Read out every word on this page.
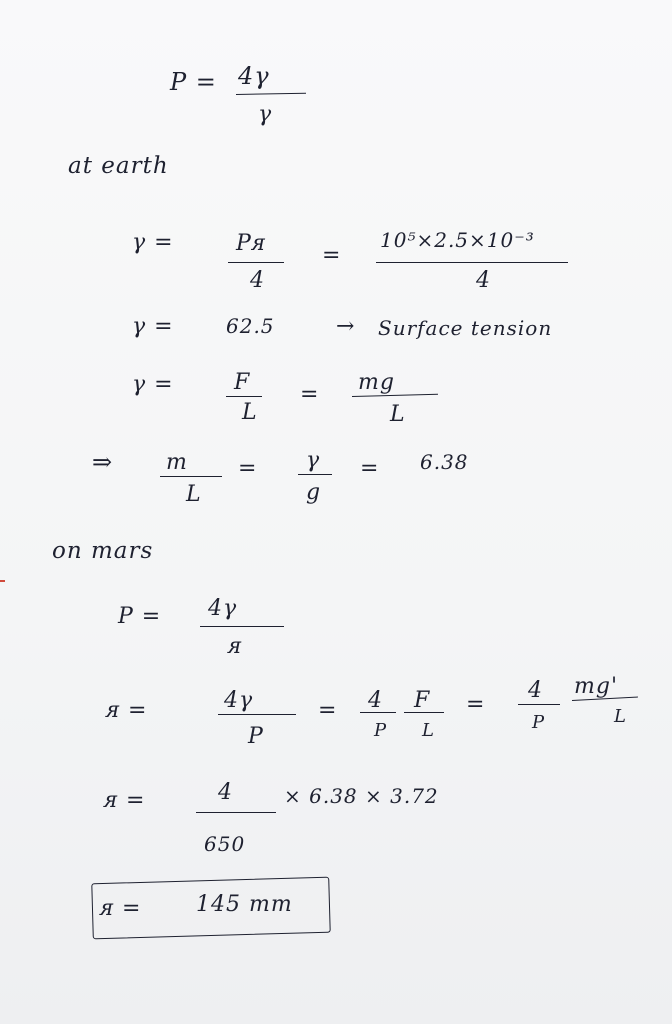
P = 4γ
γ
at earth
γ =	Pᴙ
4
=
10⁵×2.5×10⁻³
4
γ =	62.5	→ Surface tension
γ =	F
L
= mg
L
⇒ m
L
= γ
g
= 6.38
on mars
P = 4γ
ᴙ
ᴙ =	4γ
P
= 4
P
F
L
=
4
P
mg'
L
ᴙ =	4
650
× 6.38 × 3.72
ᴙ = 145 mm
